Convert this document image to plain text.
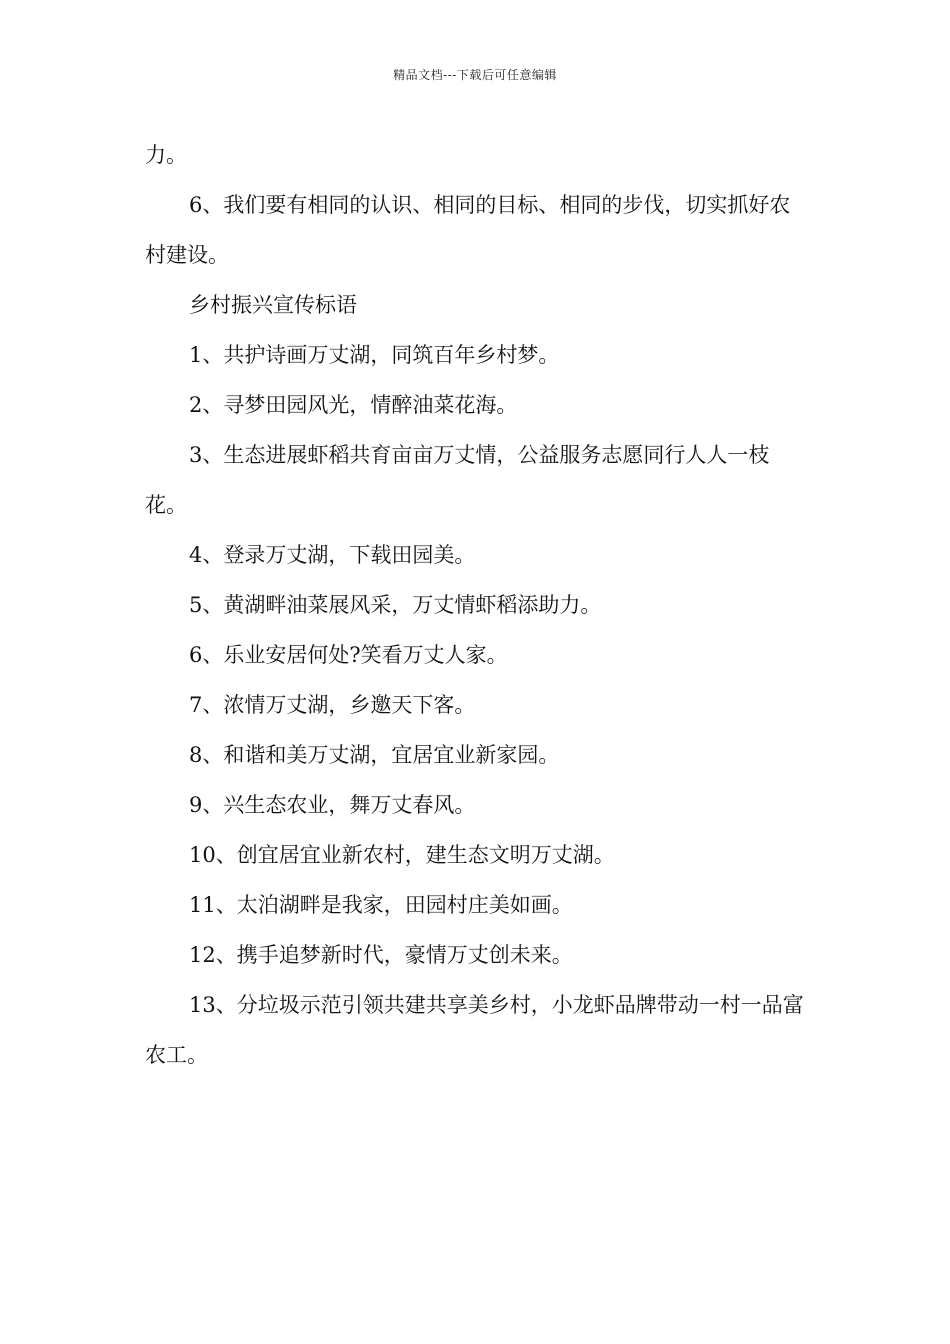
精品文档---下载后可任意编辑

力。

6、我们要有相同的认识、相同的目标、相同的步伐，切实抓好农村建设。

乡村振兴宣传标语

1、共护诗画万丈湖，同筑百年乡村梦。

2、寻梦田园风光，情醉油菜花海。

3、生态进展虾稻共育亩亩万丈情，公益服务志愿同行人人一枝花。

4、登录万丈湖，下载田园美。

5、黄湖畔油菜展风采，万丈情虾稻添助力。

6、乐业安居何处?笑看万丈人家。

7、浓情万丈湖，乡邀天下客。

8、和谐和美万丈湖，宜居宜业新家园。

9、兴生态农业，舞万丈春风。

10、创宜居宜业新农村，建生态文明万丈湖。

11、太泊湖畔是我家，田园村庄美如画。

12、携手追梦新时代，豪情万丈创未来。

13、分垃圾示范引领共建共享美乡村，小龙虾品牌带动一村一品富农工。
